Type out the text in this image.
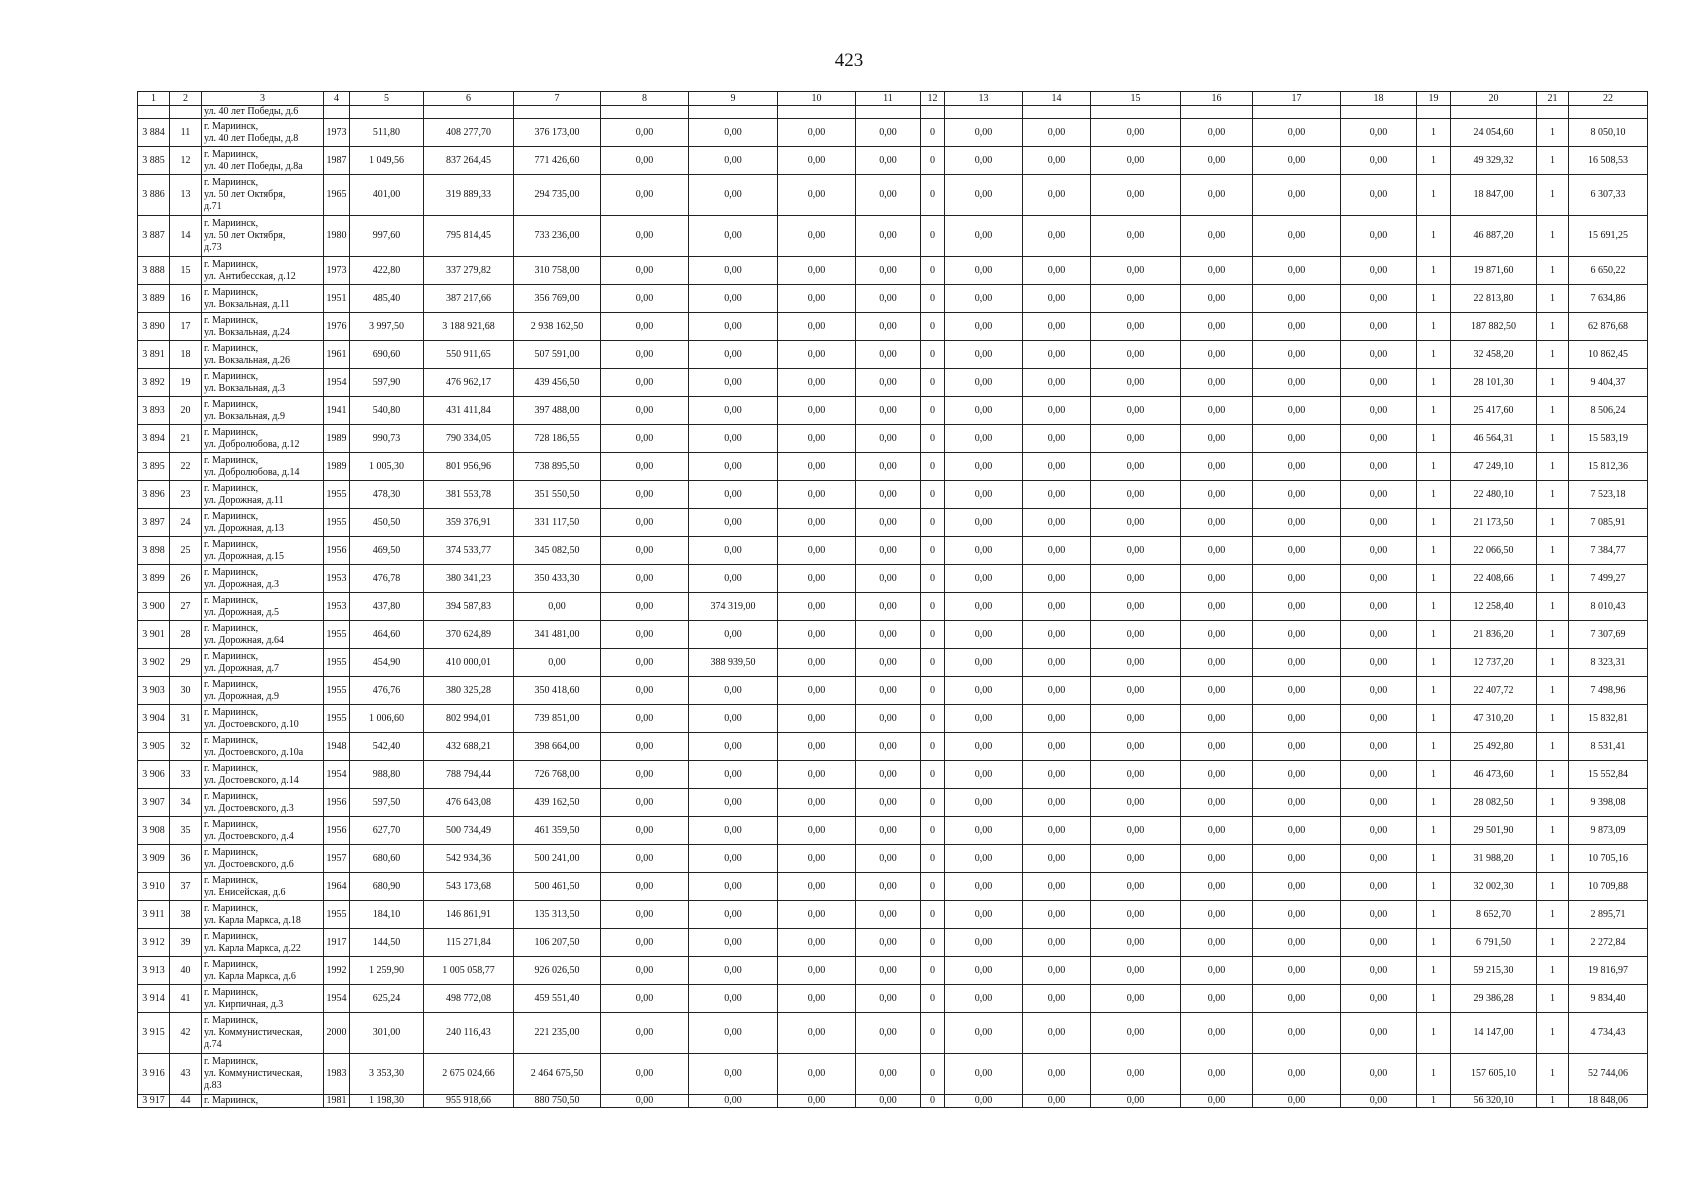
423
1	2	3	4	5	6	7	8	9	10	11	12	13	14	15	16	17	18	19	20	21	22
		ул. 40 лет Победы, д.6																			
3 884	11	г. Мариинск,
ул. 40 лет Победы, д.8	1973	511,80	408 277,70	376 173,00	0,00	0,00	0,00	0,00	0	0,00	0,00	0,00	0,00	0,00	0,00	1	24 054,60	1	8 050,10
3 885	12	г. Мариинск,
ул. 40 лет Победы, д.8а	1987	1 049,56	837 264,45	771 426,60	0,00	0,00	0,00	0,00	0	0,00	0,00	0,00	0,00	0,00	0,00	1	49 329,32	1	16 508,53
3 886	13	г. Мариинск,
ул. 50 лет Октября,
д.71	1965	401,00	319 889,33	294 735,00	0,00	0,00	0,00	0,00	0	0,00	0,00	0,00	0,00	0,00	0,00	1	18 847,00	1	6 307,33
3 887	14	г. Мариинск,
ул. 50 лет Октября,
д.73	1980	997,60	795 814,45	733 236,00	0,00	0,00	0,00	0,00	0	0,00	0,00	0,00	0,00	0,00	0,00	1	46 887,20	1	15 691,25
3 888	15	г. Мариинск,
ул. Антибесская, д.12	1973	422,80	337 279,82	310 758,00	0,00	0,00	0,00	0,00	0	0,00	0,00	0,00	0,00	0,00	0,00	1	19 871,60	1	6 650,22
3 889	16	г. Мариинск,
ул. Вокзальная, д.11	1951	485,40	387 217,66	356 769,00	0,00	0,00	0,00	0,00	0	0,00	0,00	0,00	0,00	0,00	0,00	1	22 813,80	1	7 634,86
3 890	17	г. Мариинск,
ул. Вокзальная, д.24	1976	3 997,50	3 188 921,68	2 938 162,50	0,00	0,00	0,00	0,00	0	0,00	0,00	0,00	0,00	0,00	0,00	1	187 882,50	1	62 876,68
3 891	18	г. Мариинск,
ул. Вокзальная, д.26	1961	690,60	550 911,65	507 591,00	0,00	0,00	0,00	0,00	0	0,00	0,00	0,00	0,00	0,00	0,00	1	32 458,20	1	10 862,45
3 892	19	г. Мариинск,
ул. Вокзальная, д.3	1954	597,90	476 962,17	439 456,50	0,00	0,00	0,00	0,00	0	0,00	0,00	0,00	0,00	0,00	0,00	1	28 101,30	1	9 404,37
3 893	20	г. Мариинск,
ул. Вокзальная, д.9	1941	540,80	431 411,84	397 488,00	0,00	0,00	0,00	0,00	0	0,00	0,00	0,00	0,00	0,00	0,00	1	25 417,60	1	8 506,24
3 894	21	г. Мариинск,
ул. Добролюбова, д.12	1989	990,73	790 334,05	728 186,55	0,00	0,00	0,00	0,00	0	0,00	0,00	0,00	0,00	0,00	0,00	1	46 564,31	1	15 583,19
3 895	22	г. Мариинск,
ул. Добролюбова, д.14	1989	1 005,30	801 956,96	738 895,50	0,00	0,00	0,00	0,00	0	0,00	0,00	0,00	0,00	0,00	0,00	1	47 249,10	1	15 812,36
3 896	23	г. Мариинск,
ул. Дорожная, д.11	1955	478,30	381 553,78	351 550,50	0,00	0,00	0,00	0,00	0	0,00	0,00	0,00	0,00	0,00	0,00	1	22 480,10	1	7 523,18
3 897	24	г. Мариинск,
ул. Дорожная, д.13	1955	450,50	359 376,91	331 117,50	0,00	0,00	0,00	0,00	0	0,00	0,00	0,00	0,00	0,00	0,00	1	21 173,50	1	7 085,91
3 898	25	г. Мариинск,
ул. Дорожная, д.15	1956	469,50	374 533,77	345 082,50	0,00	0,00	0,00	0,00	0	0,00	0,00	0,00	0,00	0,00	0,00	1	22 066,50	1	7 384,77
3 899	26	г. Мариинск,
ул. Дорожная, д.3	1953	476,78	380 341,23	350 433,30	0,00	0,00	0,00	0,00	0	0,00	0,00	0,00	0,00	0,00	0,00	1	22 408,66	1	7 499,27
3 900	27	г. Мариинск,
ул. Дорожная, д.5	1953	437,80	394 587,83	0,00	0,00	374 319,00	0,00	0,00	0	0,00	0,00	0,00	0,00	0,00	0,00	1	12 258,40	1	8 010,43
3 901	28	г. Мариинск,
ул. Дорожная, д.64	1955	464,60	370 624,89	341 481,00	0,00	0,00	0,00	0,00	0	0,00	0,00	0,00	0,00	0,00	0,00	1	21 836,20	1	7 307,69
3 902	29	г. Мариинск,
ул. Дорожная, д.7	1955	454,90	410 000,01	0,00	0,00	388 939,50	0,00	0,00	0	0,00	0,00	0,00	0,00	0,00	0,00	1	12 737,20	1	8 323,31
3 903	30	г. Мариинск,
ул. Дорожная, д.9	1955	476,76	380 325,28	350 418,60	0,00	0,00	0,00	0,00	0	0,00	0,00	0,00	0,00	0,00	0,00	1	22 407,72	1	7 498,96
3 904	31	г. Мариинск,
ул. Достоевского, д.10	1955	1 006,60	802 994,01	739 851,00	0,00	0,00	0,00	0,00	0	0,00	0,00	0,00	0,00	0,00	0,00	1	47 310,20	1	15 832,81
3 905	32	г. Мариинск,
ул. Достоевского, д.10а	1948	542,40	432 688,21	398 664,00	0,00	0,00	0,00	0,00	0	0,00	0,00	0,00	0,00	0,00	0,00	1	25 492,80	1	8 531,41
3 906	33	г. Мариинск,
ул. Достоевского, д.14	1954	988,80	788 794,44	726 768,00	0,00	0,00	0,00	0,00	0	0,00	0,00	0,00	0,00	0,00	0,00	1	46 473,60	1	15 552,84
3 907	34	г. Мариинск,
ул. Достоевского, д.3	1956	597,50	476 643,08	439 162,50	0,00	0,00	0,00	0,00	0	0,00	0,00	0,00	0,00	0,00	0,00	1	28 082,50	1	9 398,08
3 908	35	г. Мариинск,
ул. Достоевского, д.4	1956	627,70	500 734,49	461 359,50	0,00	0,00	0,00	0,00	0	0,00	0,00	0,00	0,00	0,00	0,00	1	29 501,90	1	9 873,09
3 909	36	г. Мариинск,
ул. Достоевского, д.6	1957	680,60	542 934,36	500 241,00	0,00	0,00	0,00	0,00	0	0,00	0,00	0,00	0,00	0,00	0,00	1	31 988,20	1	10 705,16
3 910	37	г. Мариинск,
ул. Енисейская, д.6	1964	680,90	543 173,68	500 461,50	0,00	0,00	0,00	0,00	0	0,00	0,00	0,00	0,00	0,00	0,00	1	32 002,30	1	10 709,88
3 911	38	г. Мариинск,
ул. Карла Маркса, д.18	1955	184,10	146 861,91	135 313,50	0,00	0,00	0,00	0,00	0	0,00	0,00	0,00	0,00	0,00	0,00	1	8 652,70	1	2 895,71
3 912	39	г. Мариинск,
ул. Карла Маркса, д.22	1917	144,50	115 271,84	106 207,50	0,00	0,00	0,00	0,00	0	0,00	0,00	0,00	0,00	0,00	0,00	1	6 791,50	1	2 272,84
3 913	40	г. Мариинск,
ул. Карла Маркса, д.6	1992	1 259,90	1 005 058,77	926 026,50	0,00	0,00	0,00	0,00	0	0,00	0,00	0,00	0,00	0,00	0,00	1	59 215,30	1	19 816,97
3 914	41	г. Мариинск,
ул. Кирпичная, д.3	1954	625,24	498 772,08	459 551,40	0,00	0,00	0,00	0,00	0	0,00	0,00	0,00	0,00	0,00	0,00	1	29 386,28	1	9 834,40
3 915	42	г. Мариинск,
ул. Коммунистическая,
д.74	2000	301,00	240 116,43	221 235,00	0,00	0,00	0,00	0,00	0	0,00	0,00	0,00	0,00	0,00	0,00	1	14 147,00	1	4 734,43
3 916	43	г. Мариинск,
ул. Коммунистическая,
д.83	1983	3 353,30	2 675 024,66	2 464 675,50	0,00	0,00	0,00	0,00	0	0,00	0,00	0,00	0,00	0,00	0,00	1	157 605,10	1	52 744,06
3 917	44	г. Мариинск,	1981	1 198,30	955 918,66	880 750,50	0,00	0,00	0,00	0,00	0	0,00	0,00	0,00	0,00	0,00	0,00	1	56 320,10	1	18 848,06
